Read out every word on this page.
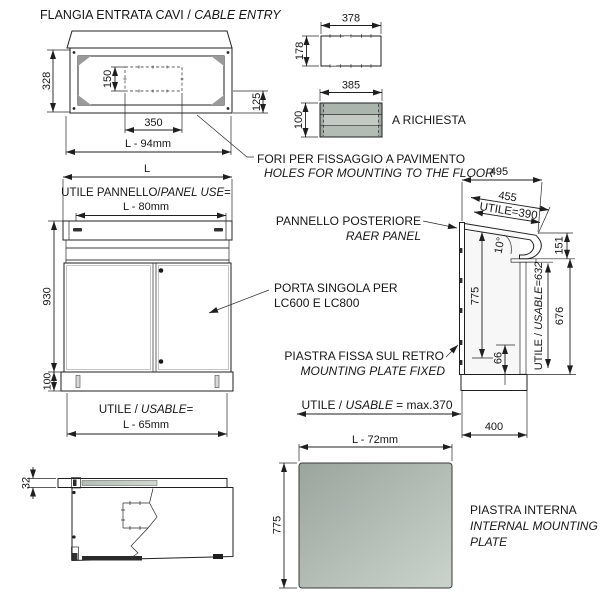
FLANGIA ENTRATA CAVI / CABLE ENTRY
328	150
125
350
L - 94mm
FORI PER FISSAGGIO A PAVIMENTO
HOLES FOR MOUNTING TO THE FLOOR
378
178
385
100	A RICHIESTA
L
UTILE PANNELLO/PANEL USE=
L - 80mm
930
100
UTILE / USABLE=
L - 65mm
PORTA SINGOLA PER
LC600 E LC800
PANNELLO POSTERIORE
RAER PANEL
495
455
UTILE=390
10°	151
775
66	UTILE / USABLE=632
676
400
PIASTRA FISSA SUL RETRO
MOUNTING PLATE FIXED
UTILE / USABLE = max.370
32
L - 72mm
775
PIASTRA INTERNA
INTERNAL MOUNTING
PLATE
